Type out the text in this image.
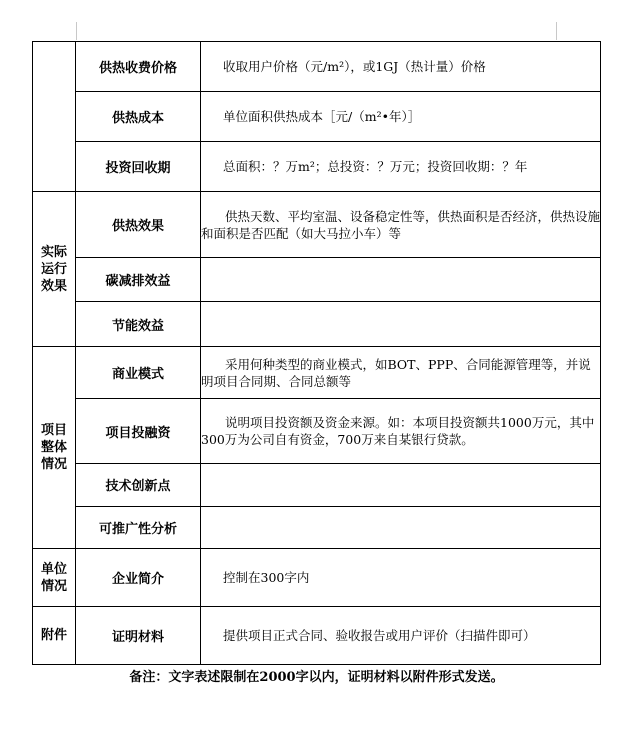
	供热收费价格	收取用户价格（元/m²），或1GJ（热计量）价格

	供热成本	单位面积供热成本［元/（m²•年）］

	投资回收期	总面积：？万m²；总投资：？万元；投资回收期：？年

实际运行效果	供热效果	供热天数、平均室温、设备稳定性等，供热面积是否经济，供热设施和面积是否匹配（如大马拉小车）等

	碳减排效益	
	节能效益	
项目整体情况	商业模式	采用何种类型的商业模式，如BOT、PPP、合同能源管理等，并说明项目合同期、合同总额等

	项目投融资	说明项目投资额及资金来源。如：本项目投资额共1000万元，其中300万为公司自有资金，700万来自某银行贷款。

	技术创新点	
	可推广性分析	
单位情况	企业简介	控制在300字内

附件	证明材料	提供项目正式合同、验收报告或用户评价（扫描件即可）
备注：文字表述限制在2000字以内，证明材料以附件形式发送。
